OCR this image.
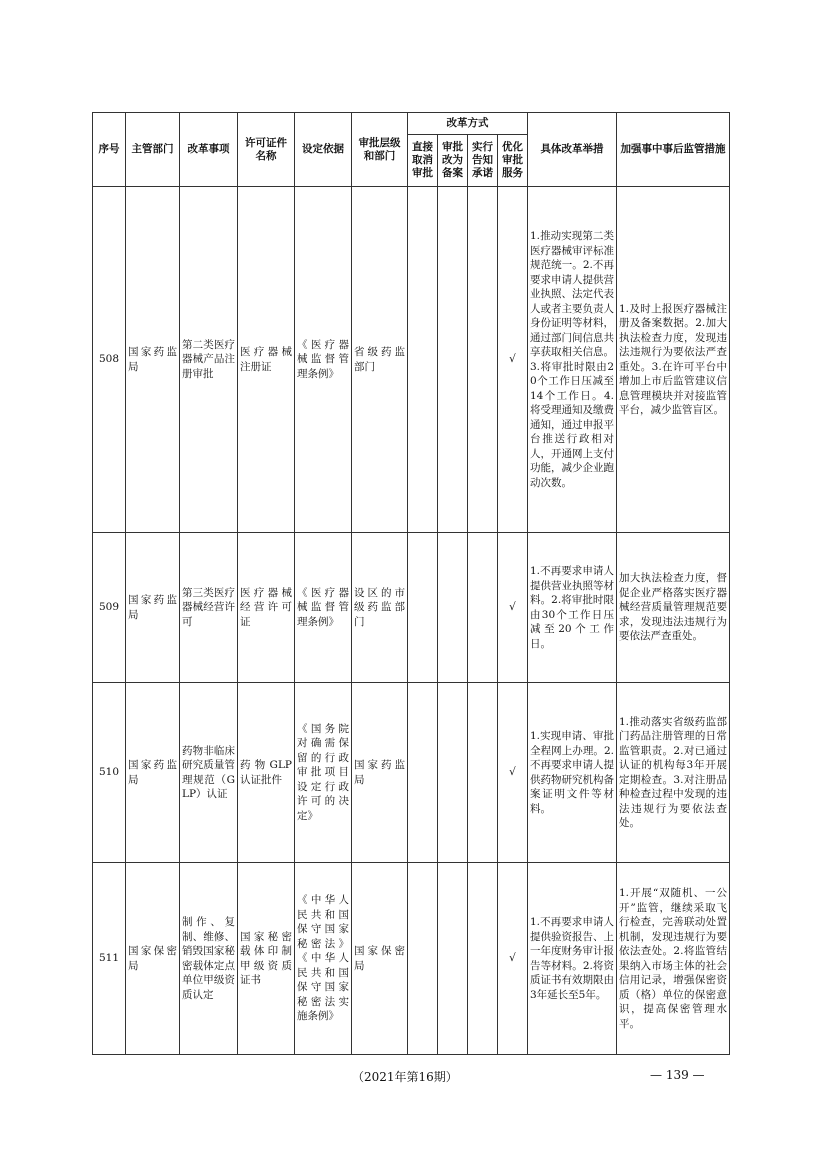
序号	主管部门	改革事项	许可证件名称	设定依据	审批层级和部门	改革方式				具体改革举措	加强事中事后监管措施
						直接取消审批	审批改为备案	实行告知承诺	优化审批服务		
508	国家药监局	第二类医疗器械产品注册审批	医疗器械注册证	《医疗器械监督管理条例》	省级药监部门				√	1.推动实现第二类医疗器械审评标准规范统一。2.不再要求申请人提供营业执照、法定代表人或者主要负责人身份证明等材料，通过部门间信息共享获取相关信息。3.将审批时限由20个工作日压减至14个工作日。4.将受理通知及缴费通知，通过申报平台推送行政相对人，开通网上支付功能，减少企业跑动次数。	1.及时上报医疗器械注册及备案数据。2.加大执法检查力度，发现违法违规行为要依法严查重处。3.在许可平台中增加上市后监管建议信息管理模块并对接监管平台，减少监管盲区。
509	国家药监局	第三类医疗器械经营许可	医疗器械经营许可证	《医疗器械监督管理条例》	设区的市级药监部门				√	1.不再要求申请人提供营业执照等材料。2.将审批时限由30个工作日压减至20个工作日。	加大执法检查力度，督促企业严格落实医疗器械经营质量管理规范要求，发现违法违规行为要依法严查重处。
510	国家药监局	药物非临床研究质量管理规范（GLP）认证	药物GLP认证批件	《国务院对确需保留的行政审批项目设定行政许可的决定》	国家药监局				√	1.实现申请、审批全程网上办理。2.不再要求申请人提供药物研究机构备案证明文件等材料。	1.推动落实省级药监部门药品注册管理的日常监管职责。2.对已通过认证的机构每3年开展定期检查。3.对注册品种检查过程中发现的违法违规行为要依法查处。
511	国家保密局	制作、复制、维修、销毁国家秘密载体定点单位甲级资质认定	国家秘密载体印制甲级资质证书	《中华人民共和国保守国家秘密法》《中华人民共和国保守国家秘密法实施条例》	国家保密局				√	1.不再要求申请人提供验资报告、上一年度财务审计报告等材料。2.将资质证书有效期限由3年延长至5年。	1.开展“双随机、一公开”监管，继续采取飞行检查，完善联动处置机制，发现违规行为要依法查处。2.将监管结果纳入市场主体的社会信用记录，增强保密资质（格）单位的保密意识，提高保密管理水平。
（2021年第16期）	— 139 —
